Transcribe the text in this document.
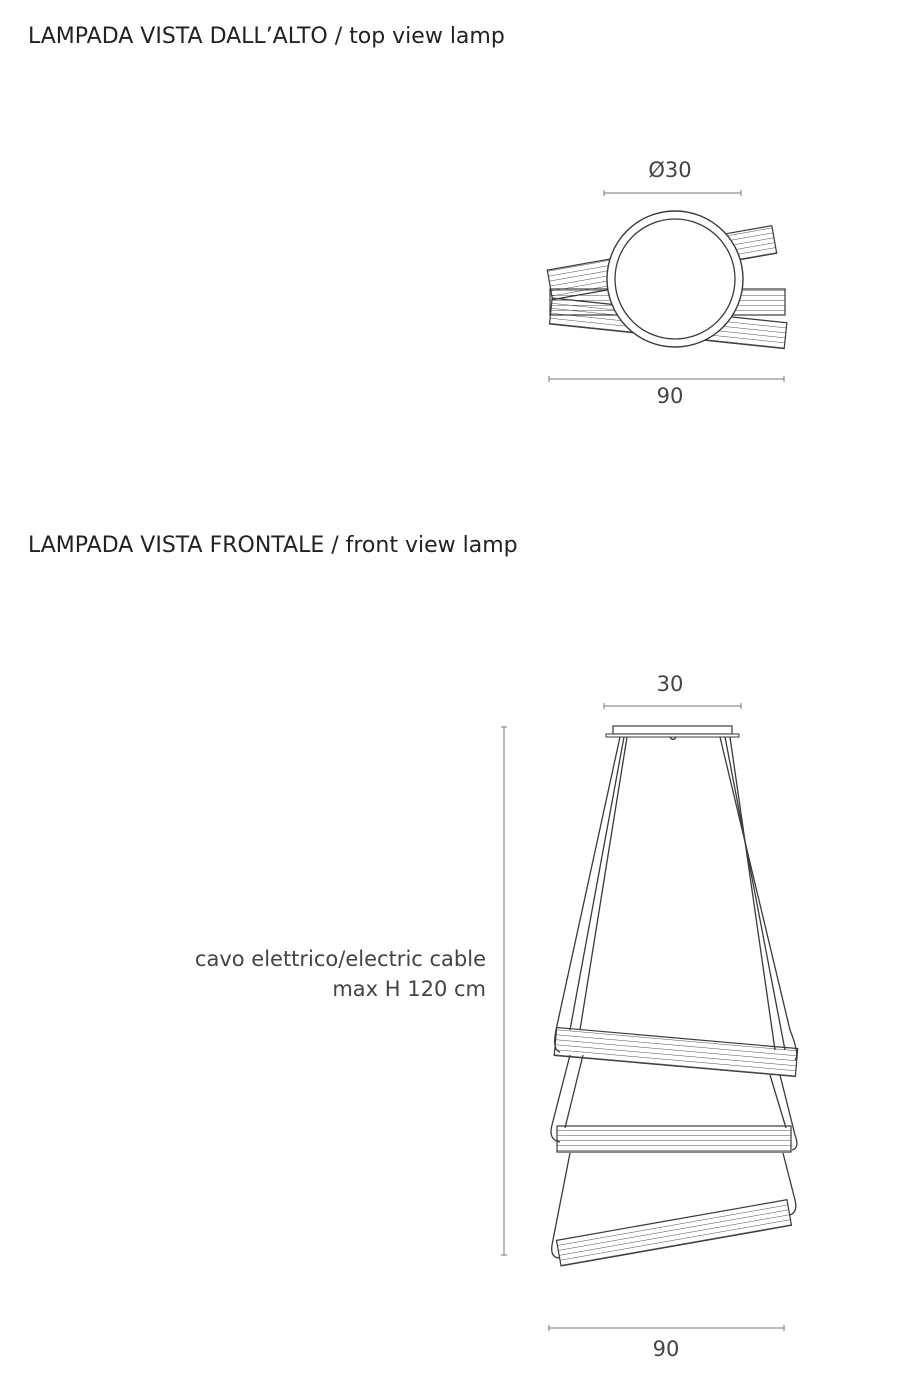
LAMPADA VISTA DALL’ALTO / top view lamp
LAMPADA VISTA FRONTALE / front view lamp
Ø30
90
30
90
cavo elettrico/electric cable
max H 120 cm
